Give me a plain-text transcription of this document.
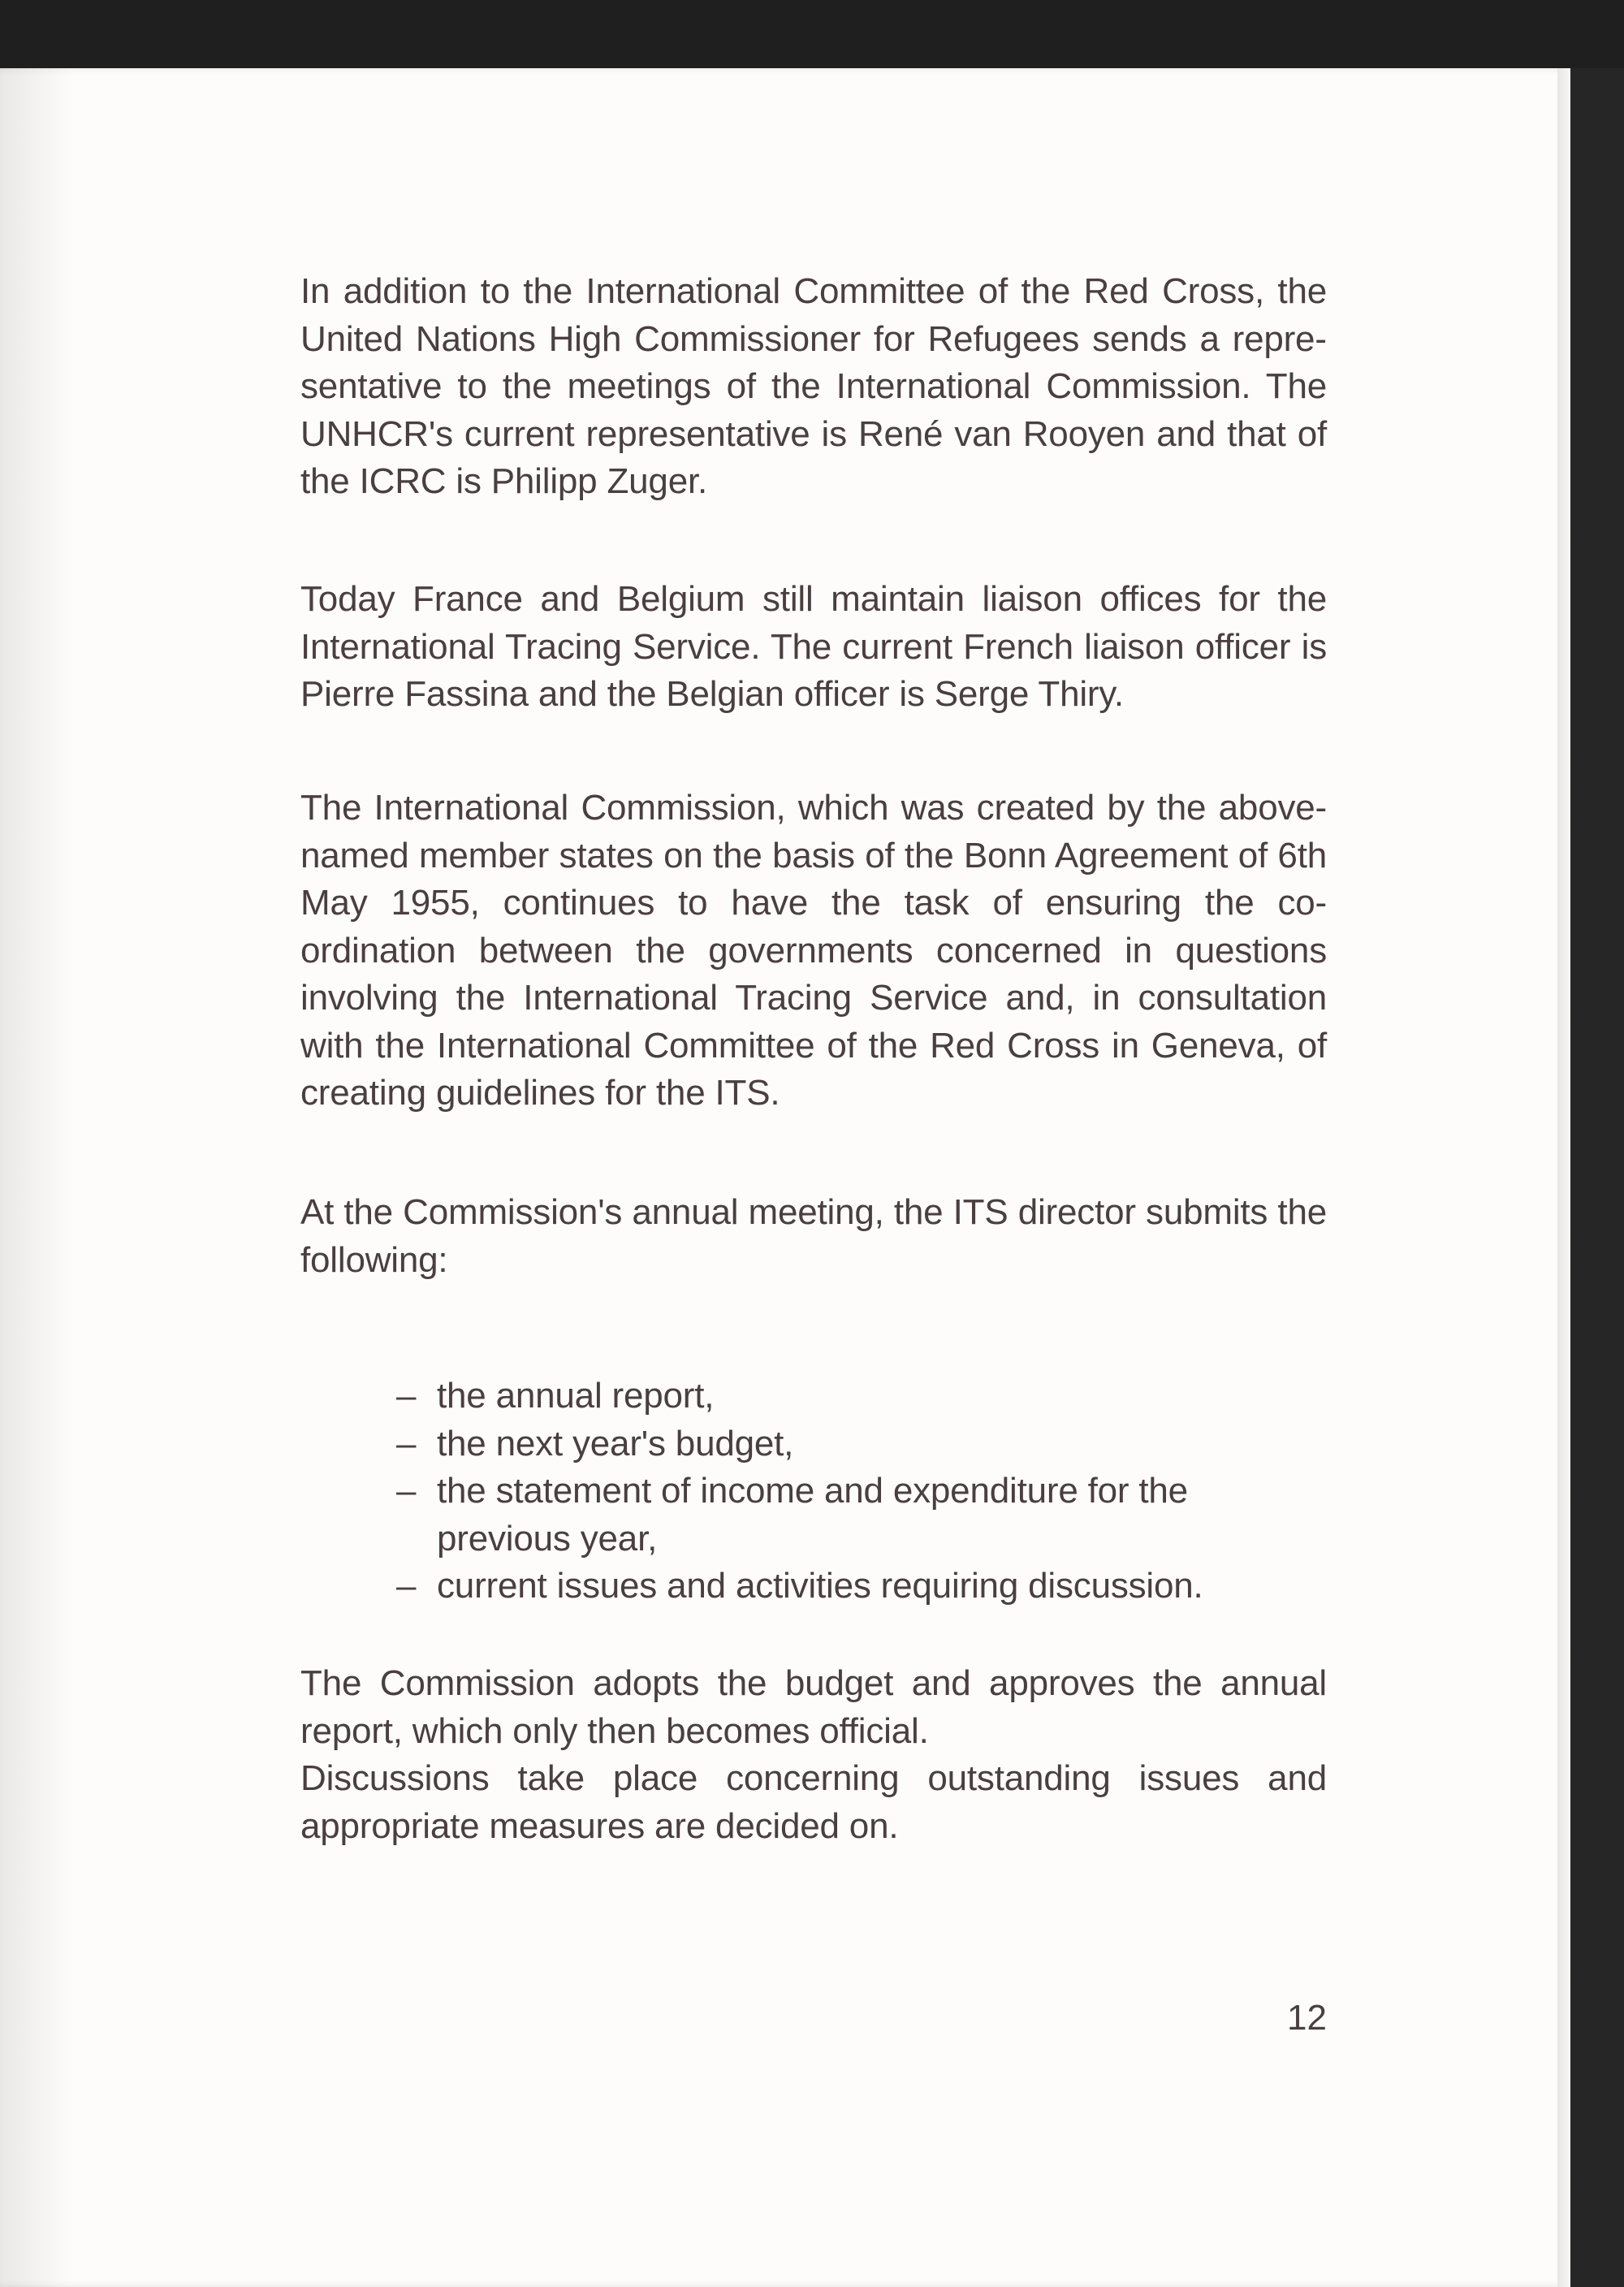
In addition to the International Committee of the Red Cross, the United Nations High Commissioner for Refugees sends a representative to the meetings of the International Commission. The UNHCR's current representative is René van Rooyen and that of the ICRC is Philipp Zuger.

Today France and Belgium still maintain liaison offices for the International Tracing Service. The current French liaison officer is Pierre Fassina and the Belgian officer is Serge Thiry.

The International Commission, which was created by the above-named member states on the basis of the Bonn Agreement of 6th May 1955, continues to have the task of ensuring the co-ordination between the governments concerned in questions involving the International Tracing Service and, in consultation with the International Committee of the Red Cross in Geneva, of creating guidelines for the ITS.

At the Commission's annual meeting, the ITS director submits the following:

– the annual report,
– the next year's budget,
– the statement of income and expenditure for the previous year,
– current issues and activities requiring discussion.
The Commission adopts the budget and approves the annual report, which only then becomes official.
Discussions take place concerning outstanding issues and appropriate measures are decided on.
12
